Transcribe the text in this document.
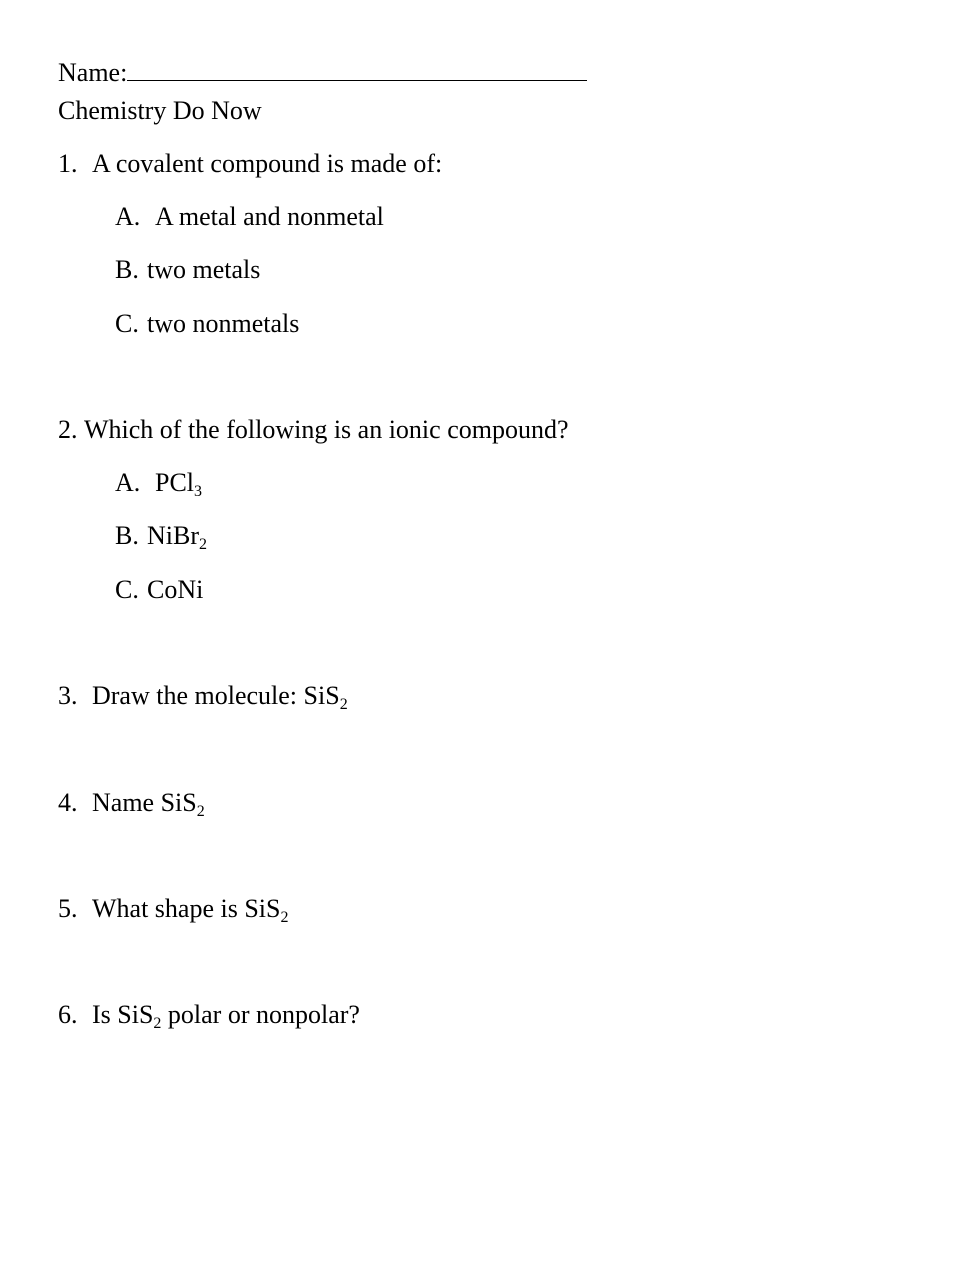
Name:
Chemistry Do Now
1. A covalent compound is made of:
A. A metal and nonmetal
B. two metals
C. two nonmetals
2. Which of the following is an ionic compound?
A. PCl$_3$
B. NiBr$_2$
C. CoNi
3. Draw the molecule: SiS$_2$
4. Name SiS$_2$
5. What shape is SiS$_2$
6. Is SiS$_2$ polar or nonpolar?
